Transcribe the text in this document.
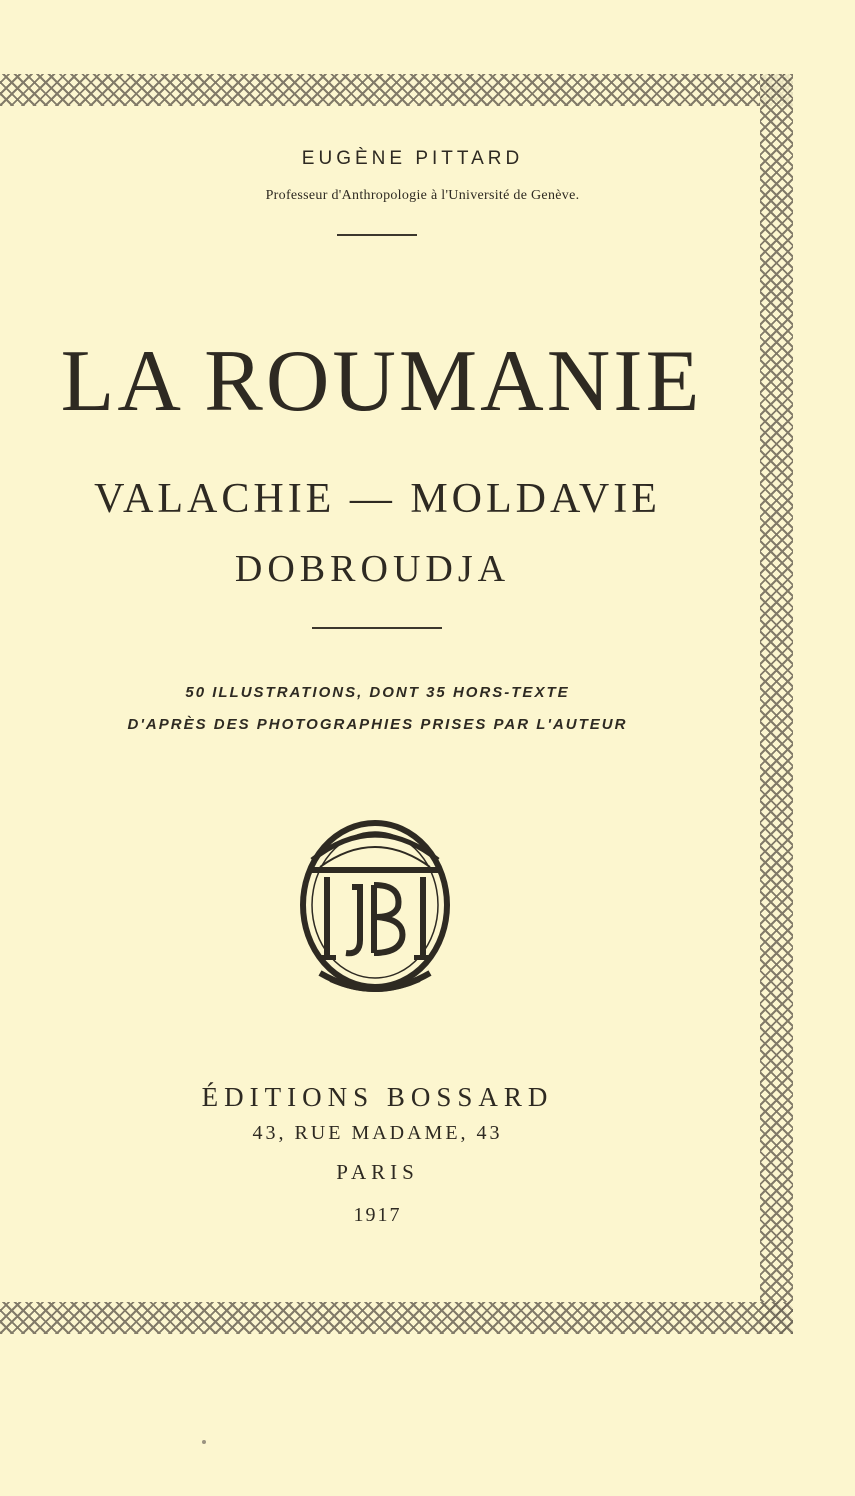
EUGÈNE PITTARD
Professeur d'Anthropologie à l'Université de Genève.
LA ROUMANIE
VALACHIE — MOLDAVIE
DOBROUDJA
50 ILLUSTRATIONS, DONT 35 HORS-TEXTE
D'APRÈS DES PHOTOGRAPHIES PRISES PAR L'AUTEUR
ÉDITIONS BOSSARD
43, RUE MADAME, 43
PARIS
1917
